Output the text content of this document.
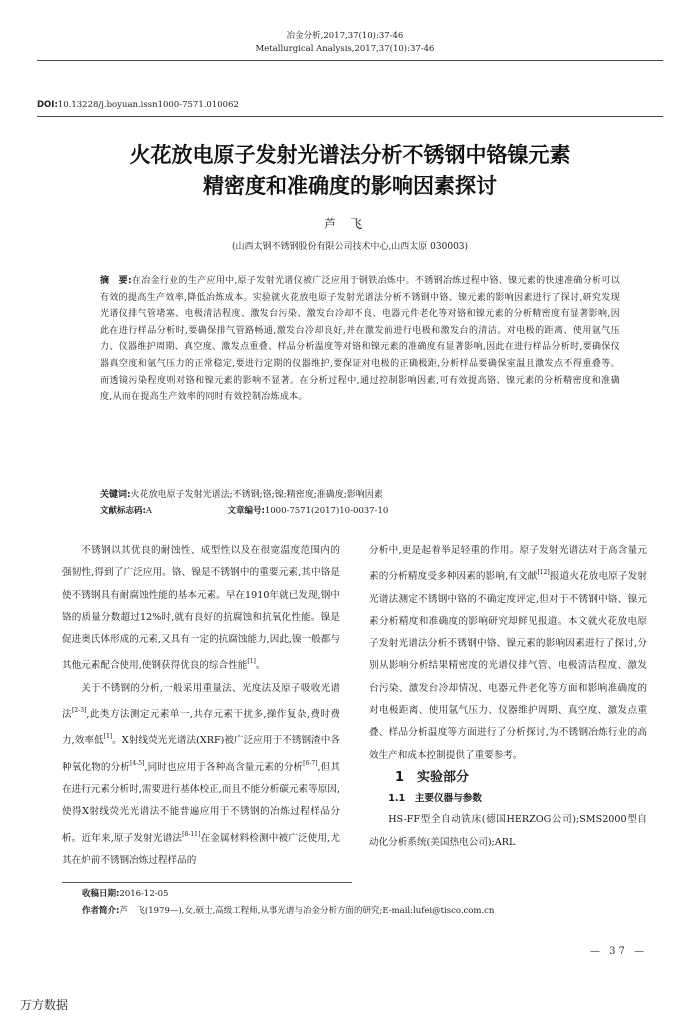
冶金分析,2017,37(10):37-46
Metallurgical Analysis,2017,37(10):37-46
DOI:10.13228/j.boyuan.issn1000-7571.010062
火花放电原子发射光谱法分析不锈钢中铬镍元素
精密度和准确度的影响因素探讨
芦飞
(山西太钢不锈钢股份有限公司技术中心,山西太原 030003)
摘　要:在冶金行业的生产应用中,原子发射光谱仪被广泛应用于钢铁冶炼中。不锈钢冶炼过程中铬、镍元素的快速准确分析可以有效的提高生产效率,降低冶炼成本。实验就火花放电原子发射光谱法分析不锈钢中铬、镍元素的影响因素进行了探讨,研究发现光谱仪排气管堵塞、电极清洁程度、激发台污染、激发台冷却不良、电器元件老化等对铬和镍元素的分析精密度有显著影响,因此在进行样品分析时,要确保排气管路畅通,激发台冷却良好,并在激发前进行电极和激发台的清洁。对电极的距离、使用氩气压力、仪器维护周期、真空度、激发点重叠、样品分析温度等对铬和镍元素的准确度有显著影响,因此在进行样品分析时,要确保仪器真空度和氩气压力的正常稳定,要进行定期的仪器维护,要保证对电极的正确极距,分析样品要确保室温且激发点不得重叠等。而透镜污染程度则对铬和镍元素的影响不显著。在分析过程中,通过控制影响因素,可有效提高铬、镍元素的分析精密度和准确度,从而在提高生产效率的同时有效控制冶炼成本。
关键词:火花放电原子发射光谱法;不锈钢;铬;镍;精密度;准确度;影响因素
文献标志码:A	文章编号:1000-7571(2017)10-0037-10

不锈钢以其优良的耐蚀性、成型性以及在很宽温度范围内的强韧性,得到了广泛应用。铬、镍是不锈钢中的重要元素,其中铬是使不锈钢具有耐腐蚀性能的基本元素。早在1910年就已发现,钢中铬的质量分数超过12%时,就有良好的抗腐蚀和抗氧化性能。镍是促进奥氏体形成的元素,又具有一定的抗腐蚀能力,因此,镍一般都与其他元素配合使用,使钢获得优良的综合性能[1]。

关于不锈钢的分析,一般采用重量法、光度法及原子吸收光谱法[2-3],此类方法测定元素单一,共存元素干扰多,操作复杂,费时费力,效率低[1]。X射线荧光光谱法(XRF)被广泛应用于不锈钢渣中各种氧化物的分析[4-5],同时也应用于各种高含量元素的分析[6-7],但其在进行元素分析时,需要进行基体校正,而且不能分析碳元素等原因,使得X射线荧光光谱法不能普遍应用于不锈钢的冶炼过程样品分析。近年来,原子发射光谱法[8-11]在金属材料检测中被广泛使用,尤其在炉前不锈钢冶炼过程样品的

分析中,更是起着举足轻重的作用。原子发射光谱法对于高含量元素的分析精度受多种因素的影响,有文献[12]报道火花放电原子发射光谱法测定不锈钢中铬的不确定度评定,但对于不锈钢中铬、镍元素分析精度和准确度的影响研究却鲜见报道。本文就火花放电原子发射光谱法分析不锈钢中铬、镍元素的影响因素进行了探讨,分别从影响分析结果精密度的光谱仪排气管、电极清洁程度、激发台污染、激发台冷却情况、电器元件老化等方面和影响准确度的对电极距离、使用氩气压力、仪器维护周期、真空度、激发点重叠、样品分析温度等方面进行了分析探讨,为不锈钢冶炼行业的高效生产和成本控制提供了重要参考。

1　实验部分

1.1　主要仪器与参数

HS-FF型全自动铣床(德国HERZOG公司);SMS2000型自动化分析系统(美国热电公司);ARL

收稿日期:2016-12-05
作者简介:芦　飞(1979—),女,硕士,高级工程师,从事光谱与冶金分析方面的研究;E-mail:lufei@tisco.com.cn
— 37 —
万方数据
